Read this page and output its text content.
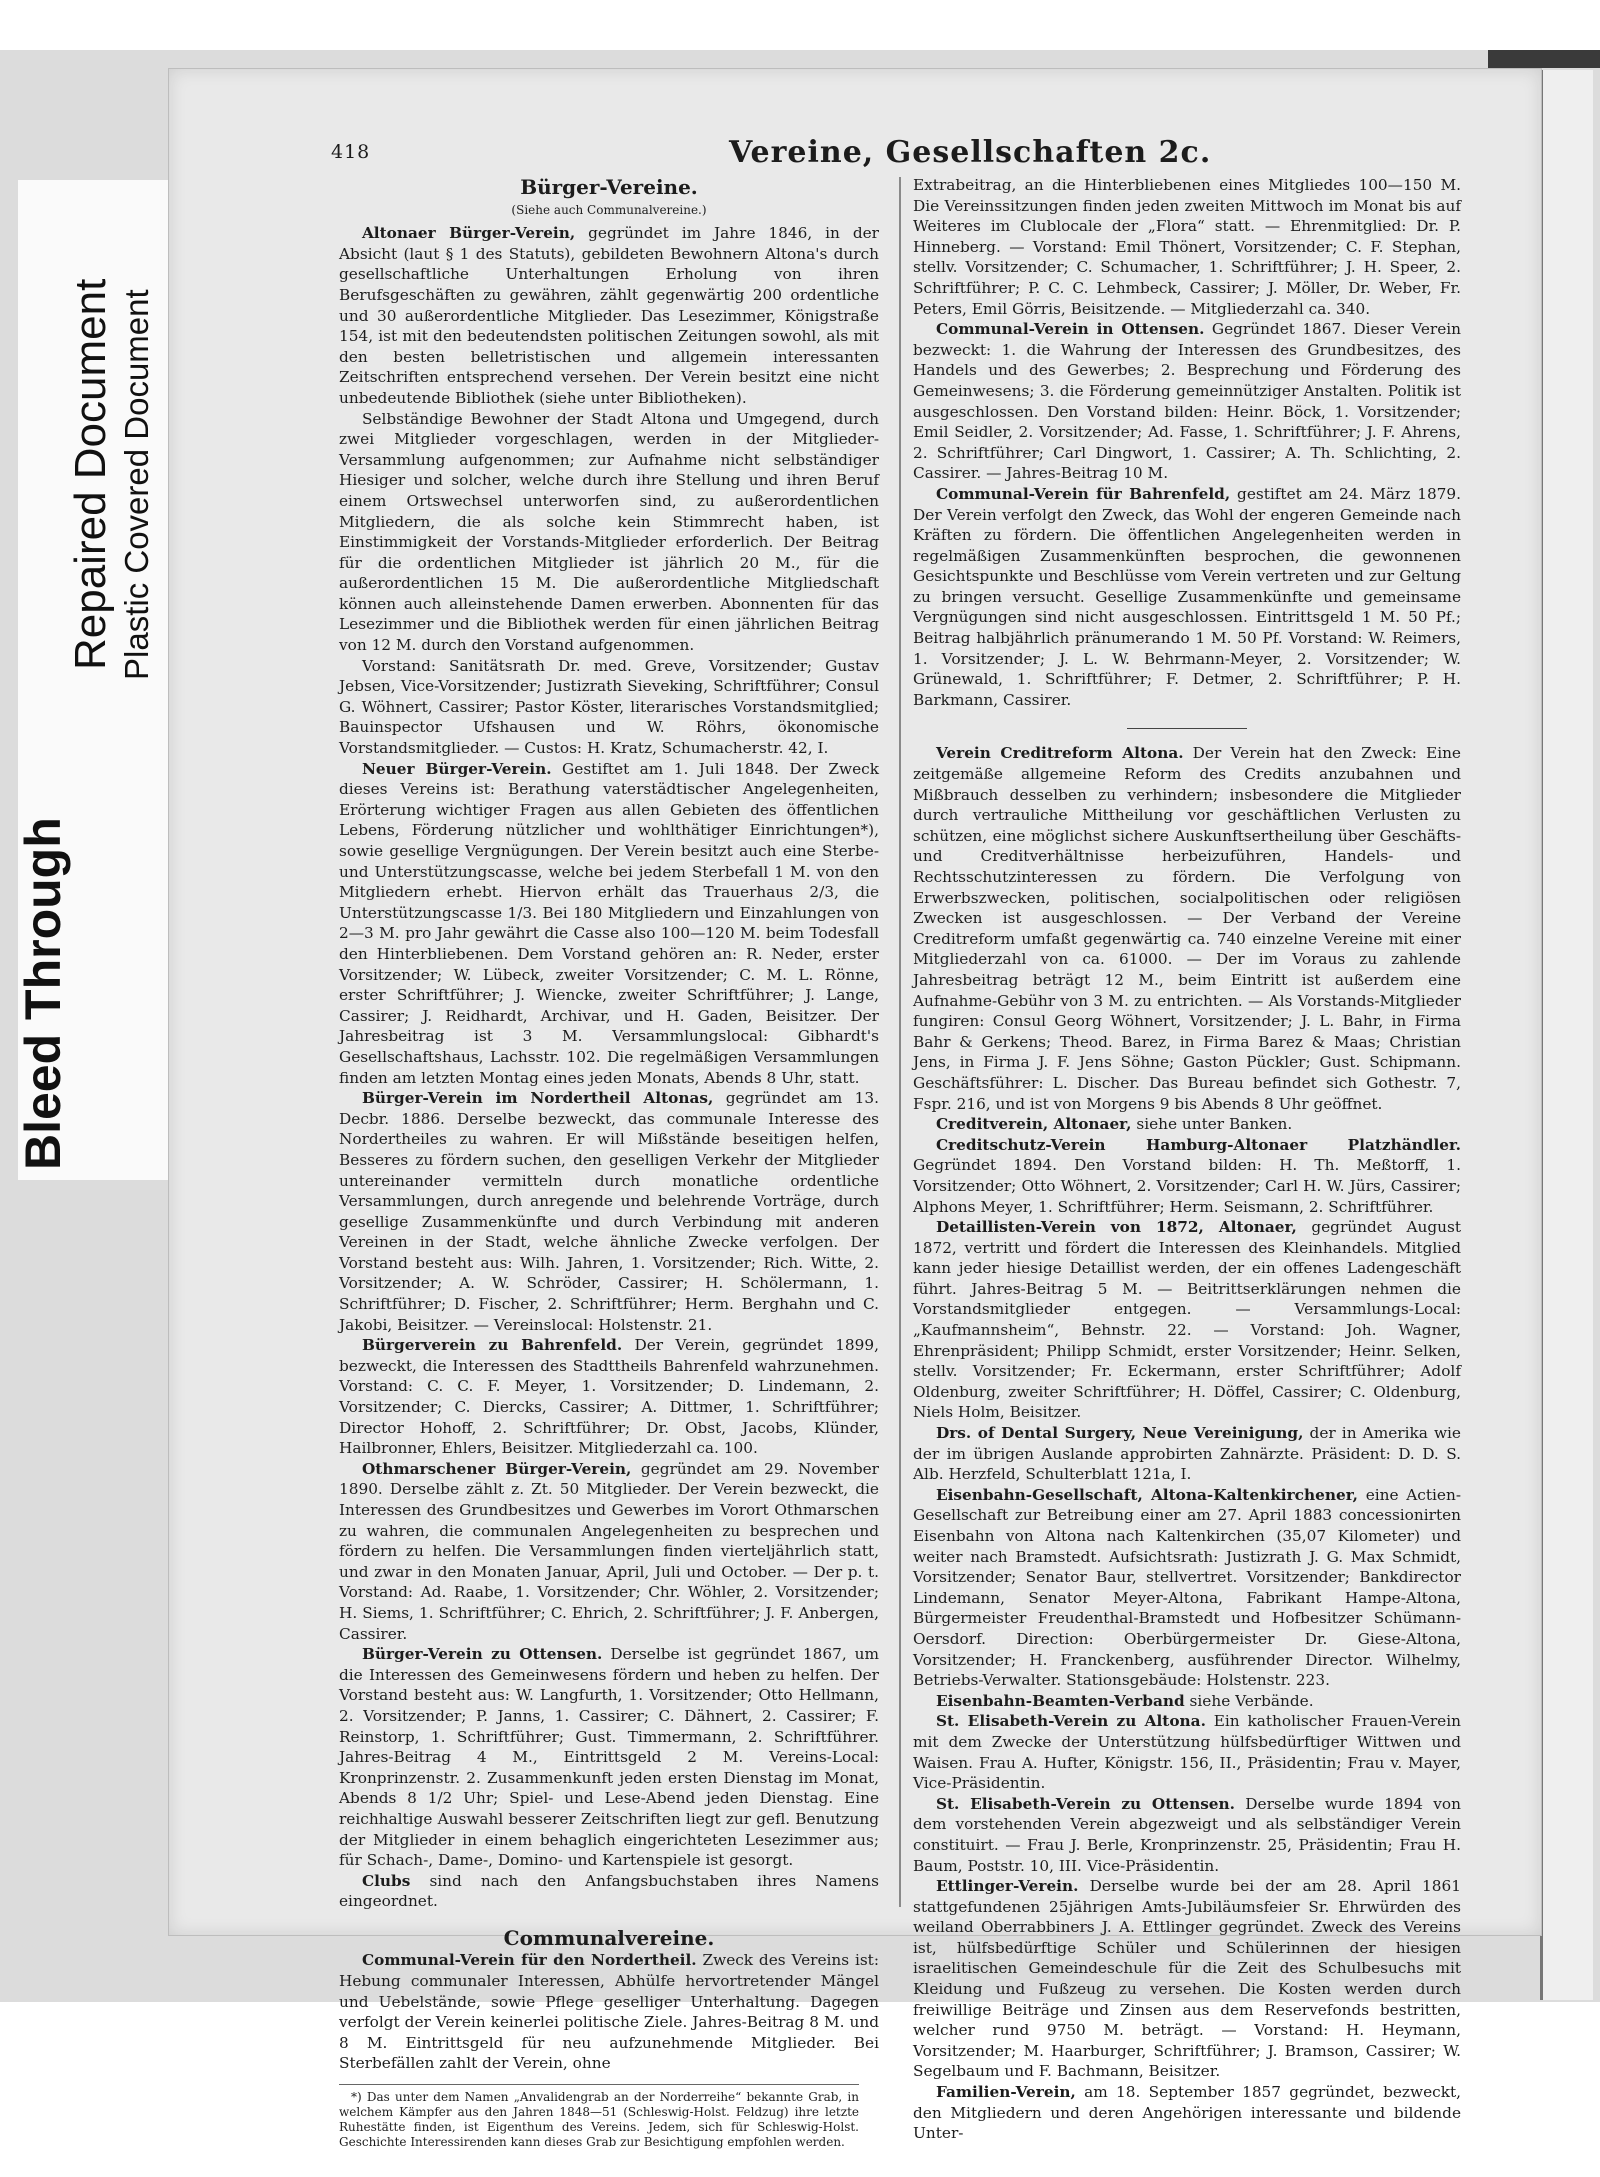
Bleed Through
Repaired Document Plastic Covered Document
418	Vereine, Gesellschaften 2c.
Bürger-Vereine.
(Siehe auch Communalvereine.)

Altonaer Bürger-Verein, gegründet im Jahre 1846, in der Absicht (laut § 1 des Statuts), gebildeten Bewohnern Altona's durch gesellschaftliche Unterhaltungen Erholung von ihren Berufsgeschäften zu gewähren, zählt gegenwärtig 200 ordentliche und 30 außerordentliche Mitglieder. Das Lesezimmer, Königstraße 154, ist mit den bedeutendsten politischen Zeitungen sowohl, als mit den besten belletristischen und allgemein interessanten Zeitschriften entsprechend versehen. Der Verein besitzt eine nicht unbedeutende Bibliothek (siehe unter Bibliotheken).

Selbständige Bewohner der Stadt Altona und Umgegend, durch zwei Mitglieder vorgeschlagen, werden in der Mitglieder-Versammlung aufgenommen; zur Aufnahme nicht selbständiger Hiesiger und solcher, welche durch ihre Stellung und ihren Beruf einem Ortswechsel unterworfen sind, zu außerordentlichen Mitgliedern, die als solche kein Stimmrecht haben, ist Einstimmigkeit der Vorstands-Mitglieder erforderlich. Der Beitrag für die ordentlichen Mitglieder ist jährlich 20 M., für die außerordentlichen 15 M. Die außerordentliche Mitgliedschaft können auch alleinstehende Damen erwerben. Abonnenten für das Lesezimmer und die Bibliothek werden für einen jährlichen Beitrag von 12 M. durch den Vorstand aufgenommen.

Vorstand: Sanitätsrath Dr. med. Greve, Vorsitzender; Gustav Jebsen, Vice-Vorsitzender; Justizrath Sieveking, Schriftführer; Consul G. Wöhnert, Cassirer; Pastor Köster, literarisches Vorstandsmitglied; Bauinspector Ufshausen und W. Röhrs, ökonomische Vorstandsmitglieder. — Custos: H. Kratz, Schumacherstr. 42, I.

Neuer Bürger-Verein. Gestiftet am 1. Juli 1848. Der Zweck dieses Vereins ist: Berathung vaterstädtischer Angelegenheiten, Erörterung wichtiger Fragen aus allen Gebieten des öffentlichen Lebens, Förderung nützlicher und wohlthätiger Einrichtungen*), sowie gesellige Vergnügungen. Der Verein besitzt auch eine Sterbe- und Unterstützungscasse, welche bei jedem Sterbefall 1 M. von den Mitgliedern erhebt. Hiervon erhält das Trauerhaus 2/3, die Unterstützungscasse 1/3. Bei 180 Mitgliedern und Einzahlungen von 2—3 M. pro Jahr gewährt die Casse also 100—120 M. beim Todesfall den Hinterbliebenen. Dem Vorstand gehören an: R. Neder, erster Vorsitzender; W. Lübeck, zweiter Vorsitzender; C. M. L. Rönne, erster Schriftführer; J. Wiencke, zweiter Schriftführer; J. Lange, Cassirer; J. Reidhardt, Archivar, und H. Gaden, Beisitzer. Der Jahresbeitrag ist 3 M. Versammlungslocal: Gibhardt's Gesellschaftshaus, Lachsstr. 102. Die regelmäßigen Versammlungen finden am letzten Montag eines jeden Monats, Abends 8 Uhr, statt.

Bürger-Verein im Nordertheil Altonas, gegründet am 13. Decbr. 1886. Derselbe bezweckt, das communale Interesse des Nordertheiles zu wahren. Er will Mißstände beseitigen helfen, Besseres zu fördern suchen, den geselligen Verkehr der Mitglieder untereinander vermitteln durch monatliche ordentliche Versammlungen, durch anregende und belehrende Vorträge, durch gesellige Zusammenkünfte und durch Verbindung mit anderen Vereinen in der Stadt, welche ähnliche Zwecke verfolgen. Der Vorstand besteht aus: Wilh. Jahren, 1. Vorsitzender; Rich. Witte, 2. Vorsitzender; A. W. Schröder, Cassirer; H. Schölermann, 1. Schriftführer; D. Fischer, 2. Schriftführer; Herm. Berghahn und C. Jakobi, Beisitzer. — Vereinslocal: Holstenstr. 21.

Bürgerverein zu Bahrenfeld. Der Verein, gegründet 1899, bezweckt, die Interessen des Stadttheils Bahrenfeld wahrzunehmen. Vorstand: C. C. F. Meyer, 1. Vorsitzender; D. Lindemann, 2. Vorsitzender; C. Diercks, Cassirer; A. Dittmer, 1. Schriftführer; Director Hohoff, 2. Schriftführer; Dr. Obst, Jacobs, Klünder, Hailbronner, Ehlers, Beisitzer. Mitgliederzahl ca. 100.

Othmarschener Bürger-Verein, gegründet am 29. November 1890. Derselbe zählt z. Zt. 50 Mitglieder. Der Verein bezweckt, die Interessen des Grundbesitzes und Gewerbes im Vorort Othmarschen zu wahren, die communalen Angelegenheiten zu besprechen und fördern zu helfen. Die Versammlungen finden vierteljährlich statt, und zwar in den Monaten Januar, April, Juli und October. — Der p. t. Vorstand: Ad. Raabe, 1. Vorsitzender; Chr. Wöhler, 2. Vorsitzender; H. Siems, 1. Schriftführer; C. Ehrich, 2. Schriftführer; J. F. Anbergen, Cassirer.

Bürger-Verein zu Ottensen. Derselbe ist gegründet 1867, um die Interessen des Gemeinwesens fördern und heben zu helfen. Der Vorstand besteht aus: W. Langfurth, 1. Vorsitzender; Otto Hellmann, 2. Vorsitzender; P. Janns, 1. Cassirer; C. Dähnert, 2. Cassirer; F. Reinstorp, 1. Schriftführer; Gust. Timmermann, 2. Schriftführer. Jahres-Beitrag 4 M., Eintrittsgeld 2 M. Vereins-Local: Kronprinzenstr. 2. Zusammenkunft jeden ersten Dienstag im Monat, Abends 8 1/2 Uhr; Spiel- und Lese-Abend jeden Dienstag. Eine reichhaltige Auswahl besserer Zeitschriften liegt zur gefl. Benutzung der Mitglieder in einem behaglich eingerichteten Lesezimmer aus; für Schach-, Dame-, Domino- und Kartenspiele ist gesorgt.

Clubs sind nach den Anfangsbuchstaben ihres Namens eingeordnet.

Communalvereine.

Communal-Verein für den Nordertheil. Zweck des Vereins ist: Hebung communaler Interessen, Abhülfe hervortretender Mängel und Uebelstände, sowie Pflege geselliger Unterhaltung. Dagegen verfolgt der Verein keinerlei politische Ziele. Jahres-Beitrag 8 M. und 8 M. Eintrittsgeld für neu aufzunehmende Mitglieder. Bei Sterbefällen zahlt der Verein, ohne

*) Das unter dem Namen „Anvalidengrab an der Norderreihe“ bekannte Grab, in welchem Kämpfer aus den Jahren 1848—51 (Schleswig-Holst. Feldzug) ihre letzte Ruhestätte finden, ist Eigenthum des Vereins. Jedem, sich für Schleswig-Holst. Geschichte Interessirenden kann dieses Grab zur Besichtigung empfohlen werden.

Extrabeitrag, an die Hinterbliebenen eines Mitgliedes 100—150 M. Die Vereinssitzungen finden jeden zweiten Mittwoch im Monat bis auf Weiteres im Clublocale der „Flora“ statt. — Ehrenmitglied: Dr. P. Hinneberg. — Vorstand: Emil Thönert, Vorsitzender; C. F. Stephan, stellv. Vorsitzender; C. Schumacher, 1. Schriftführer; J. H. Speer, 2. Schriftführer; P. C. C. Lehmbeck, Cassirer; J. Möller, Dr. Weber, Fr. Peters, Emil Görris, Beisitzende. — Mitgliederzahl ca. 340.

Communal-Verein in Ottensen. Gegründet 1867. Dieser Verein bezweckt: 1. die Wahrung der Interessen des Grundbesitzes, des Handels und des Gewerbes; 2. Besprechung und Förderung des Gemeinwesens; 3. die Förderung gemeinnütziger Anstalten. Politik ist ausgeschlossen. Den Vorstand bilden: Heinr. Böck, 1. Vorsitzender; Emil Seidler, 2. Vorsitzender; Ad. Fasse, 1. Schriftführer; J. F. Ahrens, 2. Schriftführer; Carl Dingwort, 1. Cassirer; A. Th. Schlichting, 2. Cassirer. — Jahres-Beitrag 10 M.

Communal-Verein für Bahrenfeld, gestiftet am 24. März 1879. Der Verein verfolgt den Zweck, das Wohl der engeren Gemeinde nach Kräften zu fördern. Die öffentlichen Angelegenheiten werden in regelmäßigen Zusammenkünften besprochen, die gewonnenen Gesichtspunkte und Beschlüsse vom Verein vertreten und zur Geltung zu bringen versucht. Gesellige Zusammenkünfte und gemeinsame Vergnügungen sind nicht ausgeschlossen. Eintrittsgeld 1 M. 50 Pf.; Beitrag halbjährlich pränumerando 1 M. 50 Pf. Vorstand: W. Reimers, 1. Vorsitzender; J. L. W. Behrmann-Meyer, 2. Vorsitzender; W. Grünewald, 1. Schriftführer; F. Detmer, 2. Schriftführer; P. H. Barkmann, Cassirer.

Verein Creditreform Altona. Der Verein hat den Zweck: Eine zeitgemäße allgemeine Reform des Credits anzubahnen und Mißbrauch desselben zu verhindern; insbesondere die Mitglieder durch vertrauliche Mittheilung vor geschäftlichen Verlusten zu schützen, eine möglichst sichere Auskunftsertheilung über Geschäfts- und Creditverhältnisse herbeizuführen, Handels- und Rechtsschutzinteressen zu fördern. Die Verfolgung von Erwerbszwecken, politischen, socialpolitischen oder religiösen Zwecken ist ausgeschlossen. — Der Verband der Vereine Creditreform umfaßt gegenwärtig ca. 740 einzelne Vereine mit einer Mitgliederzahl von ca. 61000. — Der im Voraus zu zahlende Jahresbeitrag beträgt 12 M., beim Eintritt ist außerdem eine Aufnahme-Gebühr von 3 M. zu entrichten. — Als Vorstands-Mitglieder fungiren: Consul Georg Wöhnert, Vorsitzender; J. L. Bahr, in Firma Bahr & Gerkens; Theod. Barez, in Firma Barez & Maas; Christian Jens, in Firma J. F. Jens Söhne; Gaston Pückler; Gust. Schipmann. Geschäftsführer: L. Discher. Das Bureau befindet sich Gothestr. 7, Fspr. 216, und ist von Morgens 9 bis Abends 8 Uhr geöffnet.

Creditverein, Altonaer, siehe unter Banken.

Creditschutz-Verein Hamburg-Altonaer Platzhändler. Gegründet 1894. Den Vorstand bilden: H. Th. Meßtorff, 1. Vorsitzender; Otto Wöhnert, 2. Vorsitzender; Carl H. W. Jürs, Cassirer; Alphons Meyer, 1. Schriftführer; Herm. Seismann, 2. Schriftführer.

Detaillisten-Verein von 1872, Altonaer, gegründet August 1872, vertritt und fördert die Interessen des Kleinhandels. Mitglied kann jeder hiesige Detaillist werden, der ein offenes Ladengeschäft führt. Jahres-Beitrag 5 M. — Beitrittserklärungen nehmen die Vorstandsmitglieder entgegen. — Versammlungs-Local: „Kaufmannsheim“, Behnstr. 22. — Vorstand: Joh. Wagner, Ehrenpräsident; Philipp Schmidt, erster Vorsitzender; Heinr. Selken, stellv. Vorsitzender; Fr. Eckermann, erster Schriftführer; Adolf Oldenburg, zweiter Schriftführer; H. Döffel, Cassirer; C. Oldenburg, Niels Holm, Beisitzer.

Drs. of Dental Surgery, Neue Vereinigung, der in Amerika wie der im übrigen Auslande approbirten Zahnärzte. Präsident: D. D. S. Alb. Herzfeld, Schulterblatt 121a, I.

Eisenbahn-Gesellschaft, Altona-Kaltenkirchener, eine Actien-Gesellschaft zur Betreibung einer am 27. April 1883 concessionirten Eisenbahn von Altona nach Kaltenkirchen (35,07 Kilometer) und weiter nach Bramstedt. Aufsichtsrath: Justizrath J. G. Max Schmidt, Vorsitzender; Senator Baur, stellvertret. Vorsitzender; Bankdirector Lindemann, Senator Meyer-Altona, Fabrikant Hampe-Altona, Bürgermeister Freudenthal-Bramstedt und Hofbesitzer Schümann-Oersdorf. Direction: Oberbürgermeister Dr. Giese-Altona, Vorsitzender; H. Franckenberg, ausführender Director. Wilhelmy, Betriebs-Verwalter. Stationsgebäude: Holstenstr. 223.

Eisenbahn-Beamten-Verband siehe Verbände.

St. Elisabeth-Verein zu Altona. Ein katholischer Frauen-Verein mit dem Zwecke der Unterstützung hülfsbedürftiger Wittwen und Waisen. Frau A. Hufter, Königstr. 156, II., Präsidentin; Frau v. Mayer, Vice-Präsidentin.

St. Elisabeth-Verein zu Ottensen. Derselbe wurde 1894 von dem vorstehenden Verein abgezweigt und als selbständiger Verein constituirt. — Frau J. Berle, Kronprinzenstr. 25, Präsidentin; Frau H. Baum, Poststr. 10, III. Vice-Präsidentin.

Ettlinger-Verein. Derselbe wurde bei der am 28. April 1861 stattgefundenen 25jährigen Amts-Jubiläumsfeier Sr. Ehrwürden des weiland Oberrabbiners J. A. Ettlinger gegründet. Zweck des Vereins ist, hülfsbedürftige Schüler und Schülerinnen der hiesigen israelitischen Gemeindeschule für die Zeit des Schulbesuchs mit Kleidung und Fußzeug zu versehen. Die Kosten werden durch freiwillige Beiträge und Zinsen aus dem Reservefonds bestritten, welcher rund 9750 M. beträgt. — Vorstand: H. Heymann, Vorsitzender; M. Haarburger, Schriftführer; J. Bramson, Cassirer; W. Segelbaum und F. Bachmann, Beisitzer.

Familien-Verein, am 18. September 1857 gegründet, bezweckt, den Mitgliedern und deren Angehörigen interessante und bildende Unter-
